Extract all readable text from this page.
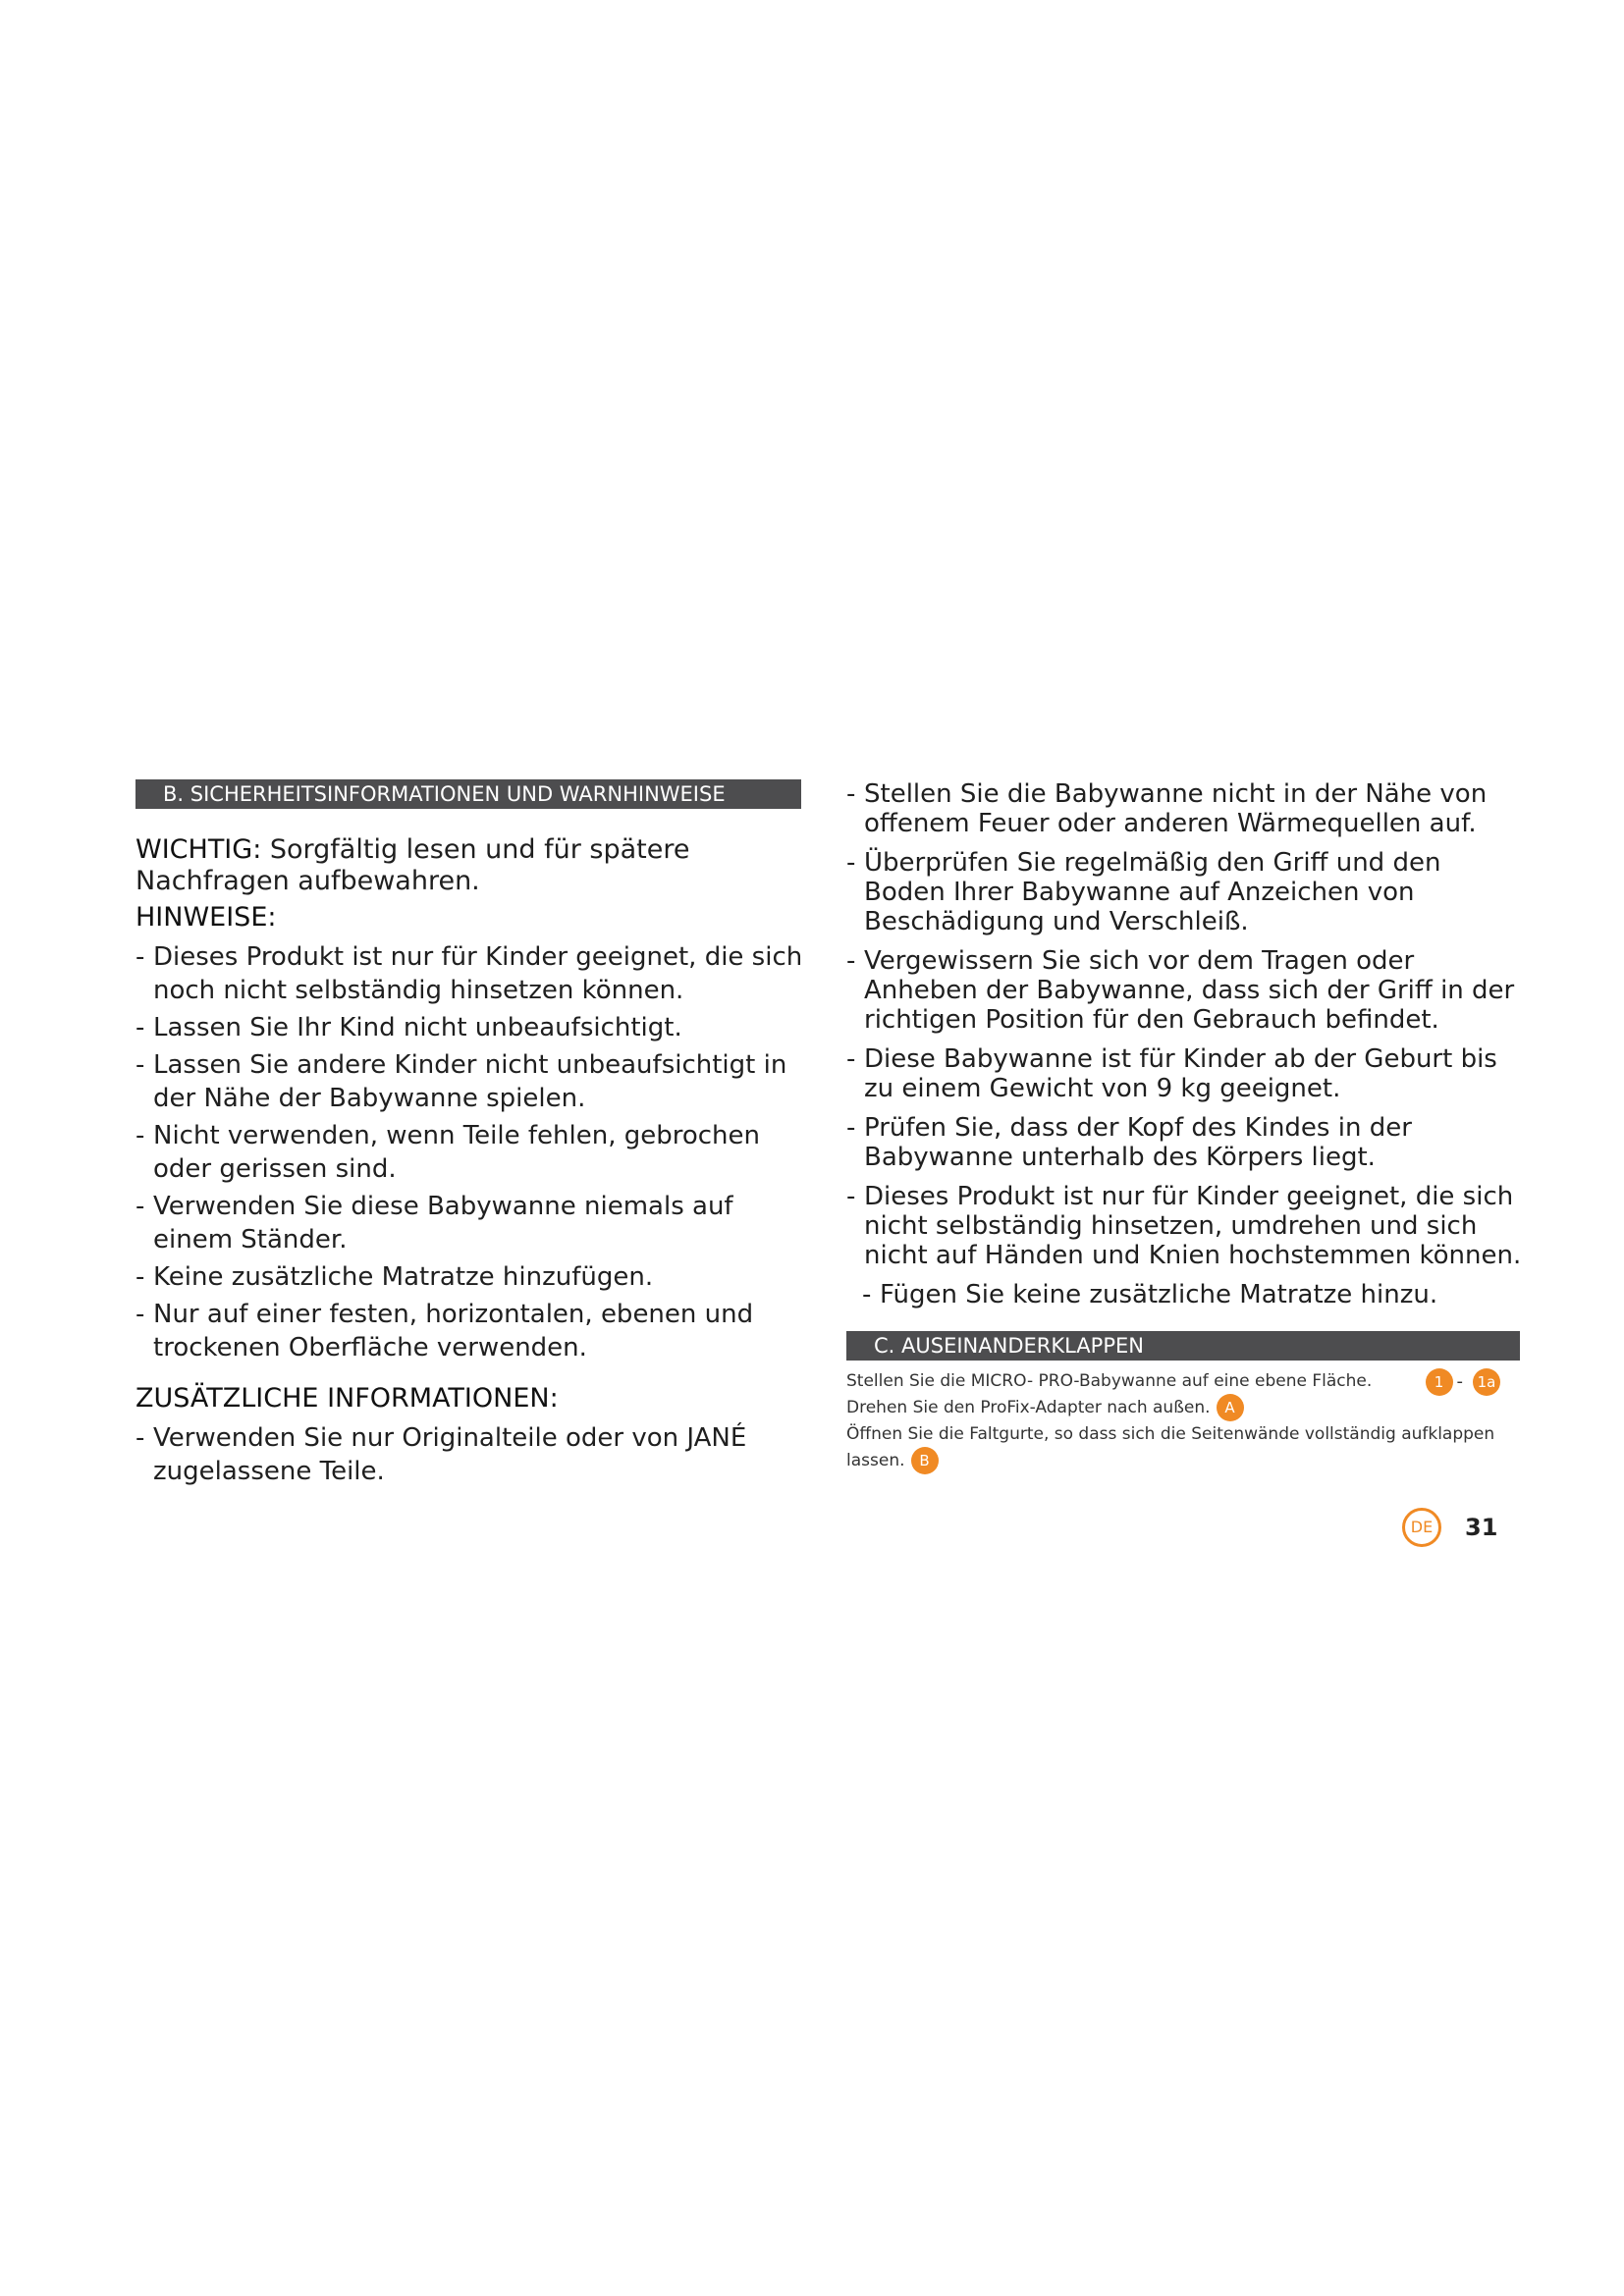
B. SICHERHEITSINFORMATIONEN UND WARNHINWEISE

WICHTIG: Sorgfältig lesen und für spätere Nachfragen aufbewahren.

HINWEISE:
- Dieses Produkt ist nur für Kinder geeignet, die sich noch nicht selbständig hinsetzen können.
- Lassen Sie Ihr Kind nicht unbeaufsichtigt.
- Lassen Sie andere Kinder nicht unbeaufsichtigt in der Nähe der Babywanne spielen.
- Nicht verwenden, wenn Teile fehlen, gebrochen oder gerissen sind.
- Verwenden Sie diese Babywanne niemals auf einem Ständer.
- Keine zusätzliche Matratze hinzufügen.
- Nur auf einer festen, horizontalen, ebenen und trockenen Oberfläche verwenden.
ZUSÄTZLICHE INFORMATIONEN:
- Verwenden Sie nur Originalteile oder von JANÉ zugelassene Teile.
- Stellen Sie die Babywanne nicht in der Nähe von offenem Feuer oder anderen Wärmequellen auf.
- Überprüfen Sie regelmäßig den Griff und den Boden Ihrer Babywanne auf Anzeichen von Beschädigung und Verschleiß.
- Vergewissern Sie sich vor dem Tragen oder Anheben der Babywanne, dass sich der Griff in der richtigen Position für den Gebrauch befindet.
- Diese Babywanne ist für Kinder ab der Geburt bis zu einem Gewicht von 9 kg geeignet.
- Prüfen Sie, dass der Kopf des Kindes in der Babywanne unterhalb des Körpers liegt.
- Dieses Produkt ist nur für Kinder geeignet, die sich nicht selbständig hinsetzen, umdrehen und sich nicht auf Händen und Knien hochstemmen können.
- Fügen Sie keine zusätzliche Matratze hinzu.
C. AUSEINANDERKLAPPEN
Stellen Sie die MICRO- PRO-Babywanne auf eine ebene Fläche.	1 - 1a
Drehen Sie den ProFix-Adapter nach außen. A
Öffnen Sie die Faltgurte, so dass sich die Seitenwände vollständig aufklappen lassen. B
DE	31
